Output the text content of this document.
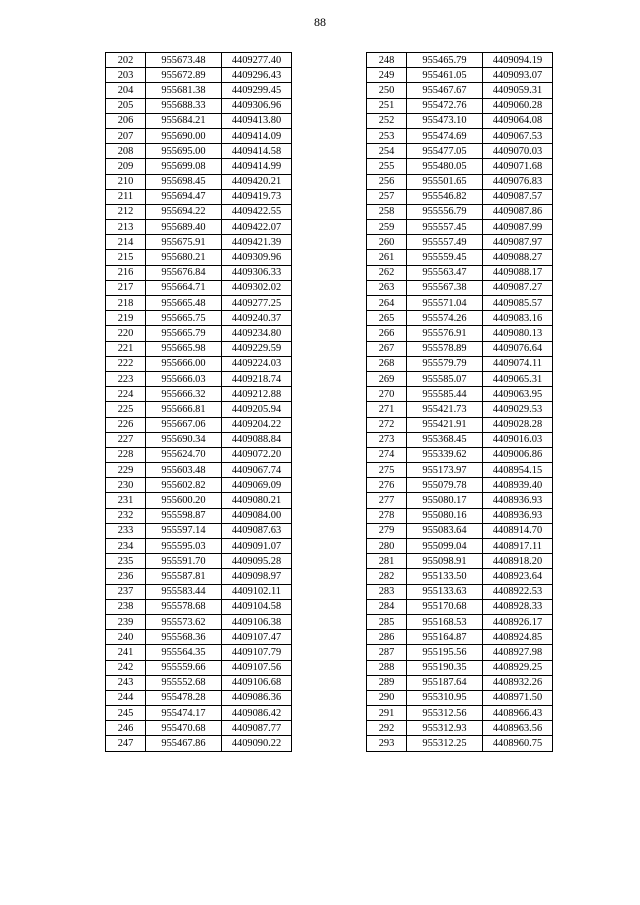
88
202	955673.48	4409277.40
203	955672.89	4409296.43
204	955681.38	4409299.45
205	955688.33	4409306.96
206	955684.21	4409413.80
207	955690.00	4409414.09
208	955695.00	4409414.58
209	955699.08	4409414.99
210	955698.45	4409420.21
211	955694.47	4409419.73
212	955694.22	4409422.55
213	955689.40	4409422.07
214	955675.91	4409421.39
215	955680.21	4409309.96
216	955676.84	4409306.33
217	955664.71	4409302.02
218	955665.48	4409277.25
219	955665.75	4409240.37
220	955665.79	4409234.80
221	955665.98	4409229.59
222	955666.00	4409224.03
223	955666.03	4409218.74
224	955666.32	4409212.88
225	955666.81	4409205.94
226	955667.06	4409204.22
227	955690.34	4409088.84
228	955624.70	4409072.20
229	955603.48	4409067.74
230	955602.82	4409069.09
231	955600.20	4409080.21
232	955598.87	4409084.00
233	955597.14	4409087.63
234	955595.03	4409091.07
235	955591.70	4409095.28
236	955587.81	4409098.97
237	955583.44	4409102.11
238	955578.68	4409104.58
239	955573.62	4409106.38
240	955568.36	4409107.47
241	955564.35	4409107.79
242	955559.66	4409107.56
243	955552.68	4409106.68
244	955478.28	4409086.36
245	955474.17	4409086.42
246	955470.68	4409087.77
247	955467.86	4409090.22
248	955465.79	4409094.19
249	955461.05	4409093.07
250	955467.67	4409059.31
251	955472.76	4409060.28
252	955473.10	4409064.08
253	955474.69	4409067.53
254	955477.05	4409070.03
255	955480.05	4409071.68
256	955501.65	4409076.83
257	955546.82	4409087.57
258	955556.79	4409087.86
259	955557.45	4409087.99
260	955557.49	4409087.97
261	955559.45	4409088.27
262	955563.47	4409088.17
263	955567.38	4409087.27
264	955571.04	4409085.57
265	955574.26	4409083.16
266	955576.91	4409080.13
267	955578.89	4409076.64
268	955579.79	4409074.11
269	955585.07	4409065.31
270	955585.44	4409063.95
271	955421.73	4409029.53
272	955421.91	4409028.28
273	955368.45	4409016.03
274	955339.62	4409006.86
275	955173.97	4408954.15
276	955079.78	4408939.40
277	955080.17	4408936.93
278	955080.16	4408936.93
279	955083.64	4408914.70
280	955099.04	4408917.11
281	955098.91	4408918.20
282	955133.50	4408923.64
283	955133.63	4408922.53
284	955170.68	4408928.33
285	955168.53	4408926.17
286	955164.87	4408924.85
287	955195.56	4408927.98
288	955190.35	4408929.25
289	955187.64	4408932.26
290	955310.95	4408971.50
291	955312.56	4408966.43
292	955312.93	4408963.56
293	955312.25	4408960.75
